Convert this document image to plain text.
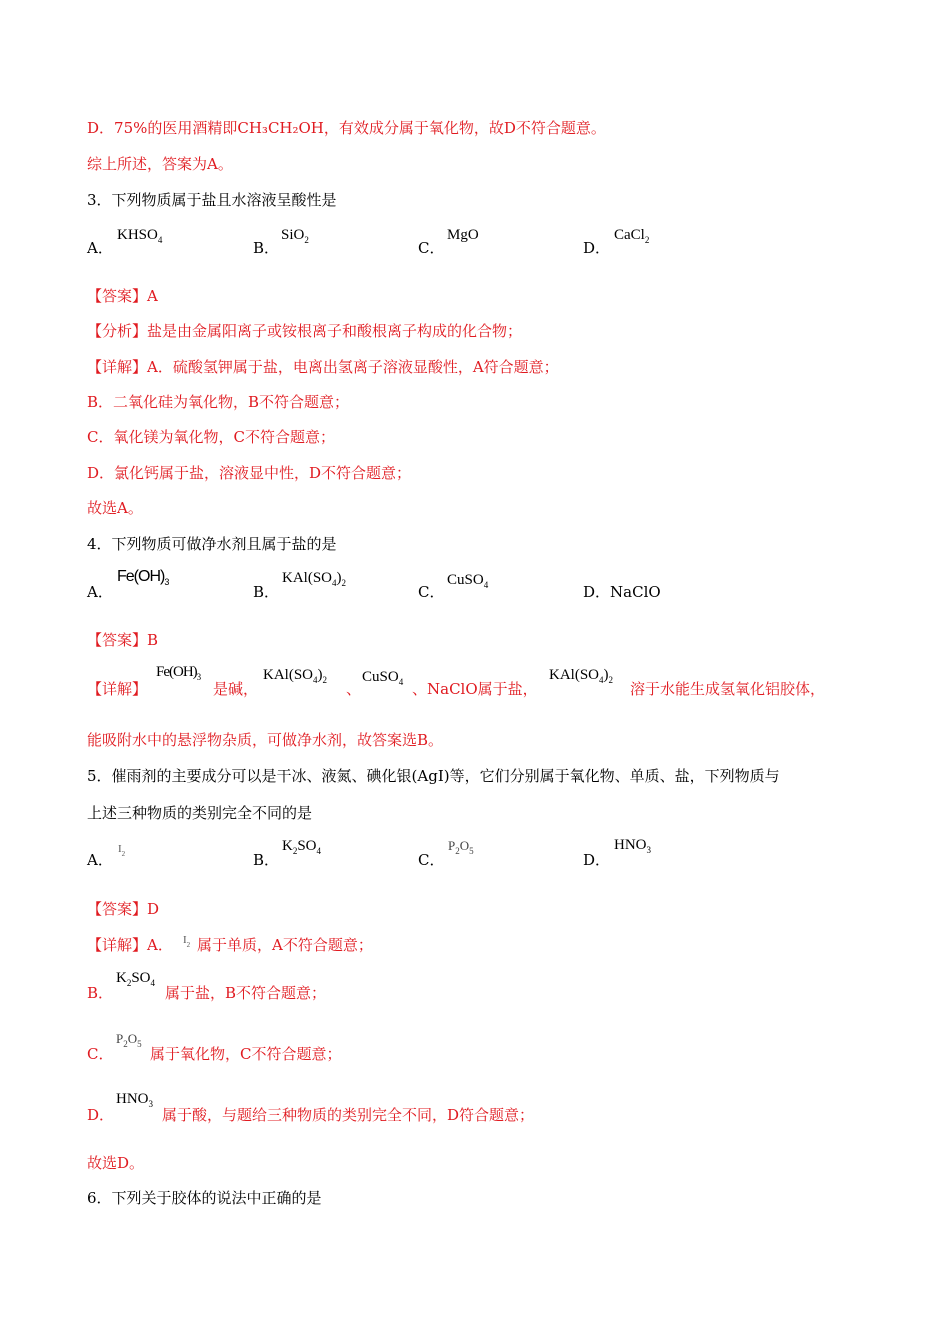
D．75%的医用酒精即CH₃CH₂OH，有效成分属于氧化物，故D不符合题意。
综上所述，答案为A。
3．下列物质属于盐且水溶液呈酸性是
A．
$KHSO_4$	B．
SiO$_2$	C．
MgO
D．
CaCl$_2$
【答案】A
【分析】盐是由金属阳离子或铵根离子和酸根离子构成的化合物；
【详解】A．硫酸氢钾属于盐，电离出氢离子溶液显酸性，A符合题意；
B．二氧化硅为氧化物，B不符合题意；
C．氧化镁为氧化物，C不符合题意；
D．氯化钙属于盐，溶液显中性，D不符合题意；
故选A。
4．下列物质可做净水剂且属于盐的是
A．
$Fe(OH)_3$
B．
$KAl(SO_4)_2$	C．
CuSO$_4$	D．NaClO
【答案】B
【详解】
$Fe(OH)_3$
是碱，
$KAl(SO_4)_2$ 、
CuSO$_4$ 、NaClO属于盐，
$KAl(SO_4)_2$ 溶于水能生成氢氧化铝胶体，
能吸附水中的悬浮物杂质，可做净水剂，故答案选B。
5．催雨剂的主要成分可以是干冰、液氮、碘化银(AgI)等，它们分别属于氧化物、单质、盐，下列物质与
上述三种物质的类别完全不同的是
A．
$I_2$	B．
$K_2SO_4$	C．
$P_2O_5$	D．
$HNO_3$
【答案】D
【详解】A． $I_2$ 属于单质，A不符合题意；
B．
$K_2SO_4$
属于盐，B不符合题意；
C．
$P_2O_5$
属于氧化物，C不符合题意；
D．
$HNO_3$
属于酸，与题给三种物质的类别完全不同，D符合题意；
故选D。
6．下列关于胶体的说法中正确的是
